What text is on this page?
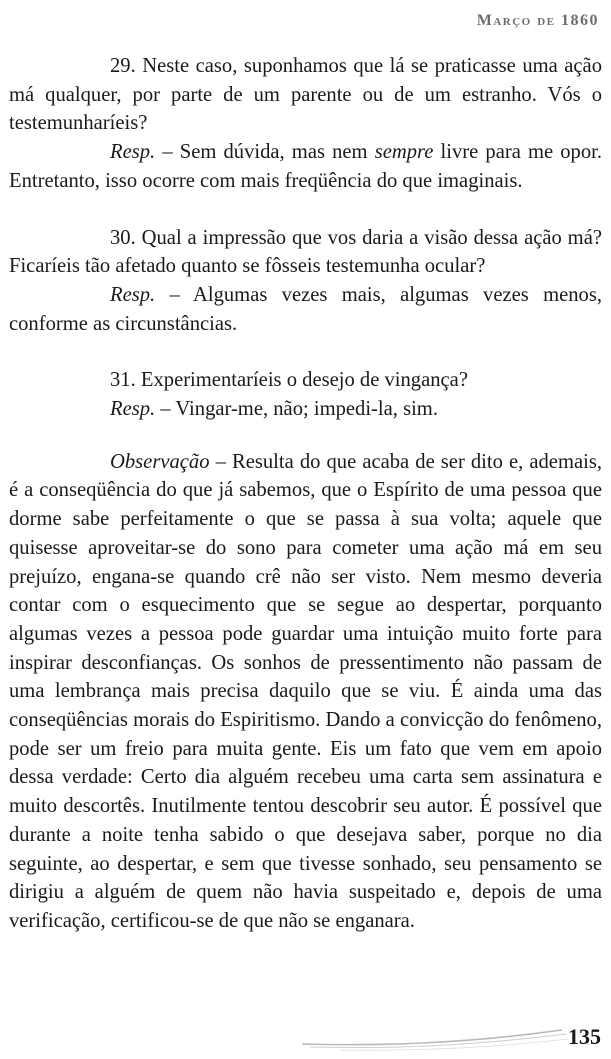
Março de 1860

29. Neste caso, suponhamos que lá se praticasse uma ação má qualquer, por parte de um parente ou de um estranho. Vós o testemunharíeis?

Resp. – Sem dúvida, mas nem sempre livre para me opor. Entretanto, isso ocorre com mais freqüência do que imaginais.

30. Qual a impressão que vos daria a visão dessa ação má? Ficaríeis tão afetado quanto se fôsseis testemunha ocular?

Resp. – Algumas vezes mais, algumas vezes menos, conforme as circunstâncias.

31. Experimentaríeis o desejo de vingança?

Resp. – Vingar-me, não; impedi-la, sim.

Observação – Resulta do que acaba de ser dito e, ademais, é a conseqüência do que já sabemos, que o Espírito de uma pessoa que dorme sabe perfeitamente o que se passa à sua volta; aquele que quisesse aproveitar-se do sono para cometer uma ação má em seu prejuízo, engana-se quando crê não ser visto. Nem mesmo deveria contar com o esquecimento que se segue ao despertar, porquanto algumas vezes a pessoa pode guardar uma intuição muito forte para inspirar desconfianças. Os sonhos de pressentimento não passam de uma lembrança mais precisa daquilo que se viu. É ainda uma das conseqüências morais do Espiritismo. Dando a convicção do fenômeno, pode ser um freio para muita gente. Eis um fato que vem em apoio dessa verdade: Certo dia alguém recebeu uma carta sem assinatura e muito descortês. Inutilmente tentou descobrir seu autor. É possível que durante a noite tenha sabido o que desejava saber, porque no dia seguinte, ao despertar, e sem que tivesse sonhado, seu pensamento se dirigiu a alguém de quem não havia suspeitado e, depois de uma verificação, certificou-se de que não se enganara.

135
